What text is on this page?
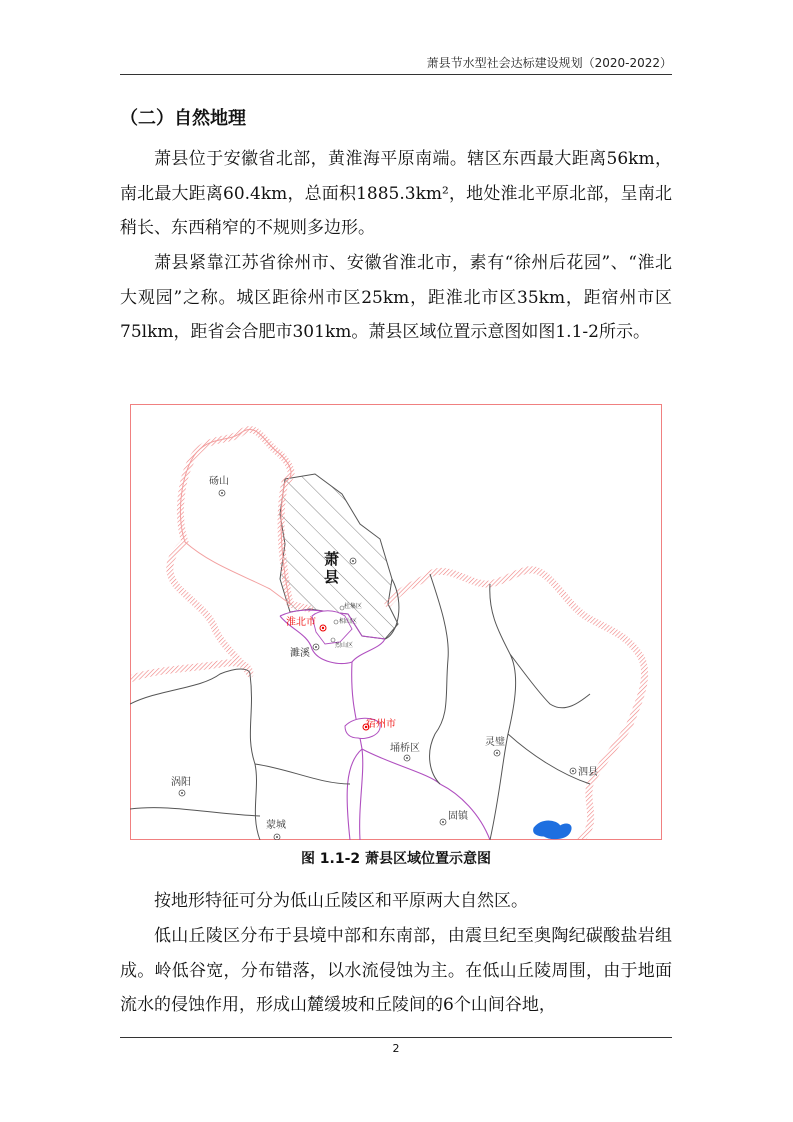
萧县节水型社会达标建设规划（2020-2022）
（二）自然地理

萧县位于安徽省北部，黄淮海平原南端。辖区东西最大距离56km，南北最大距离60.4km，总面积1885.3km²，地处淮北平原北部，呈南北稍长、东西稍窄的不规则多边形。

萧县紧靠江苏省徐州市、安徽省淮北市，素有“徐州后花园”、“淮北大观园”之称。城区距徐州市区25km，距淮北市区35km，距宿州市区75lkm，距省会合肥市301km。萧县区域位置示意图如图1.1-2所示。

砀山
萧
县
杜集区
相山区
烈山区
淮北市
濉溪
宿州市
埇桥区
灵璧
泗县
涡阳
蒙城
固镇
图 1.1-2 萧县区域位置示意图

按地形特征可分为低山丘陵区和平原两大自然区。

低山丘陵区分布于县境中部和东南部，由震旦纪至奥陶纪碳酸盐岩组成。岭低谷宽，分布错落，以水流侵蚀为主。在低山丘陵周围，由于地面流水的侵蚀作用，形成山麓缓坡和丘陵间的6个山间谷地，

2
